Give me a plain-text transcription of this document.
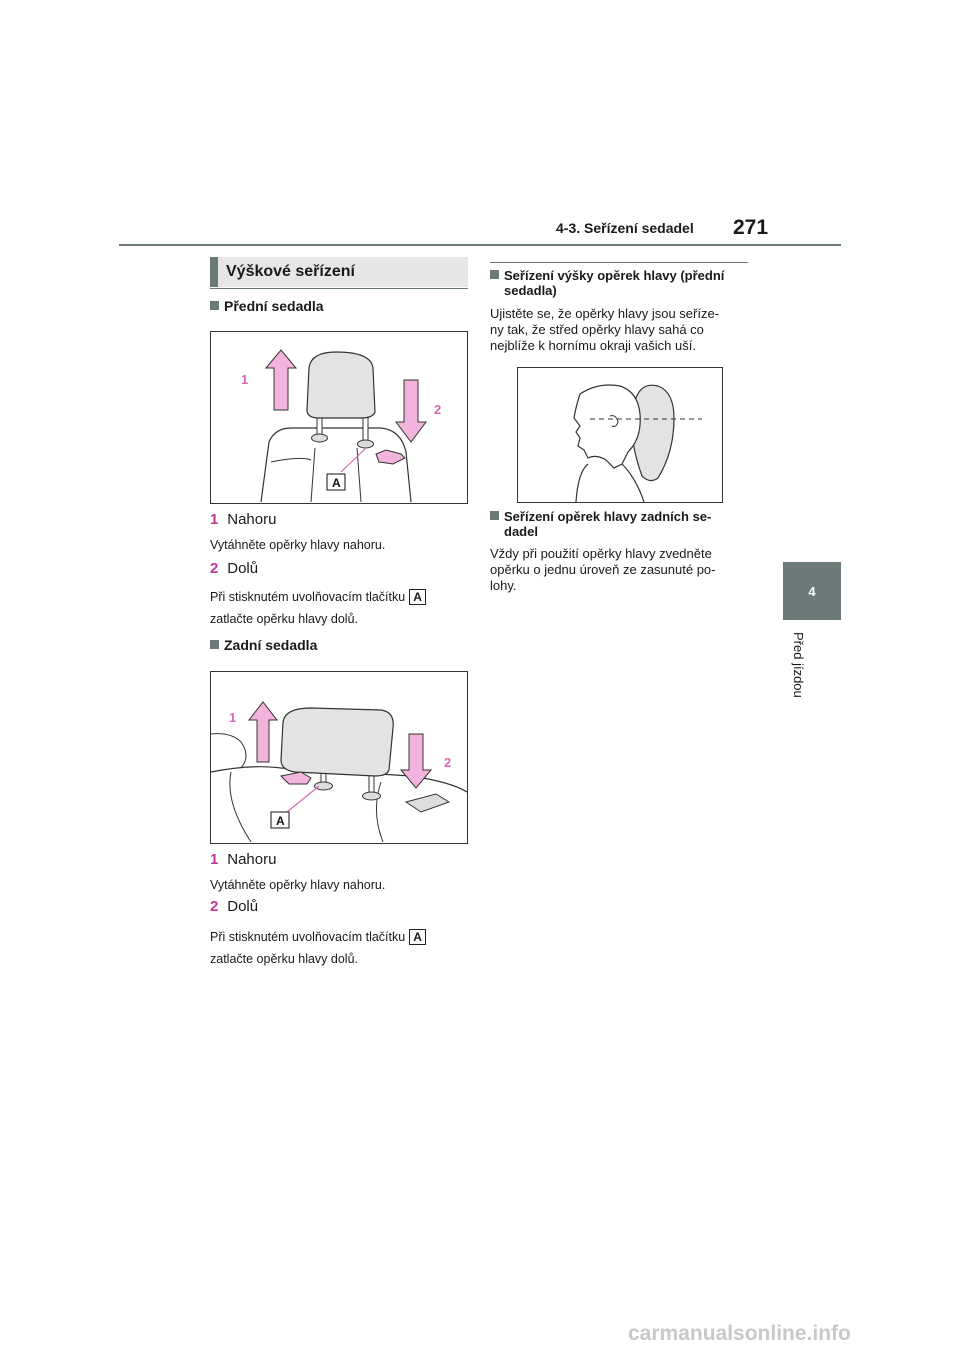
4-3. Seřízení sedadel 271
4
Před jízdou
Výškové seřízení
Přední sedadla
1
2
A
1 Nahoru
Vytáhněte opěrky hlavy nahoru.
2 Dolů
Při stisknutém uvolňovacím tlačítku A
zatlačte opěrku hlavy dolů.
Zadní sedadla
1
2
A
1 Nahoru
Vytáhněte opěrky hlavy nahoru.
2 Dolů
Při stisknutém uvolňovacím tlačítku A
zatlačte opěrku hlavy dolů.
Seřízení výšky opěrek hlavy (přední
sedadla)
Ujistěte se, že opěrky hlavy jsou seříze-
ny tak, že střed opěrky hlavy sahá co
nejblíže k hornímu okraji vašich uší.
Seřízení opěrek hlavy zadních se-
dadel
Vždy při použití opěrky hlavy zvedněte
opěrku o jednu úroveň ze zasunuté po-
lohy.
carmanualsonline.info
